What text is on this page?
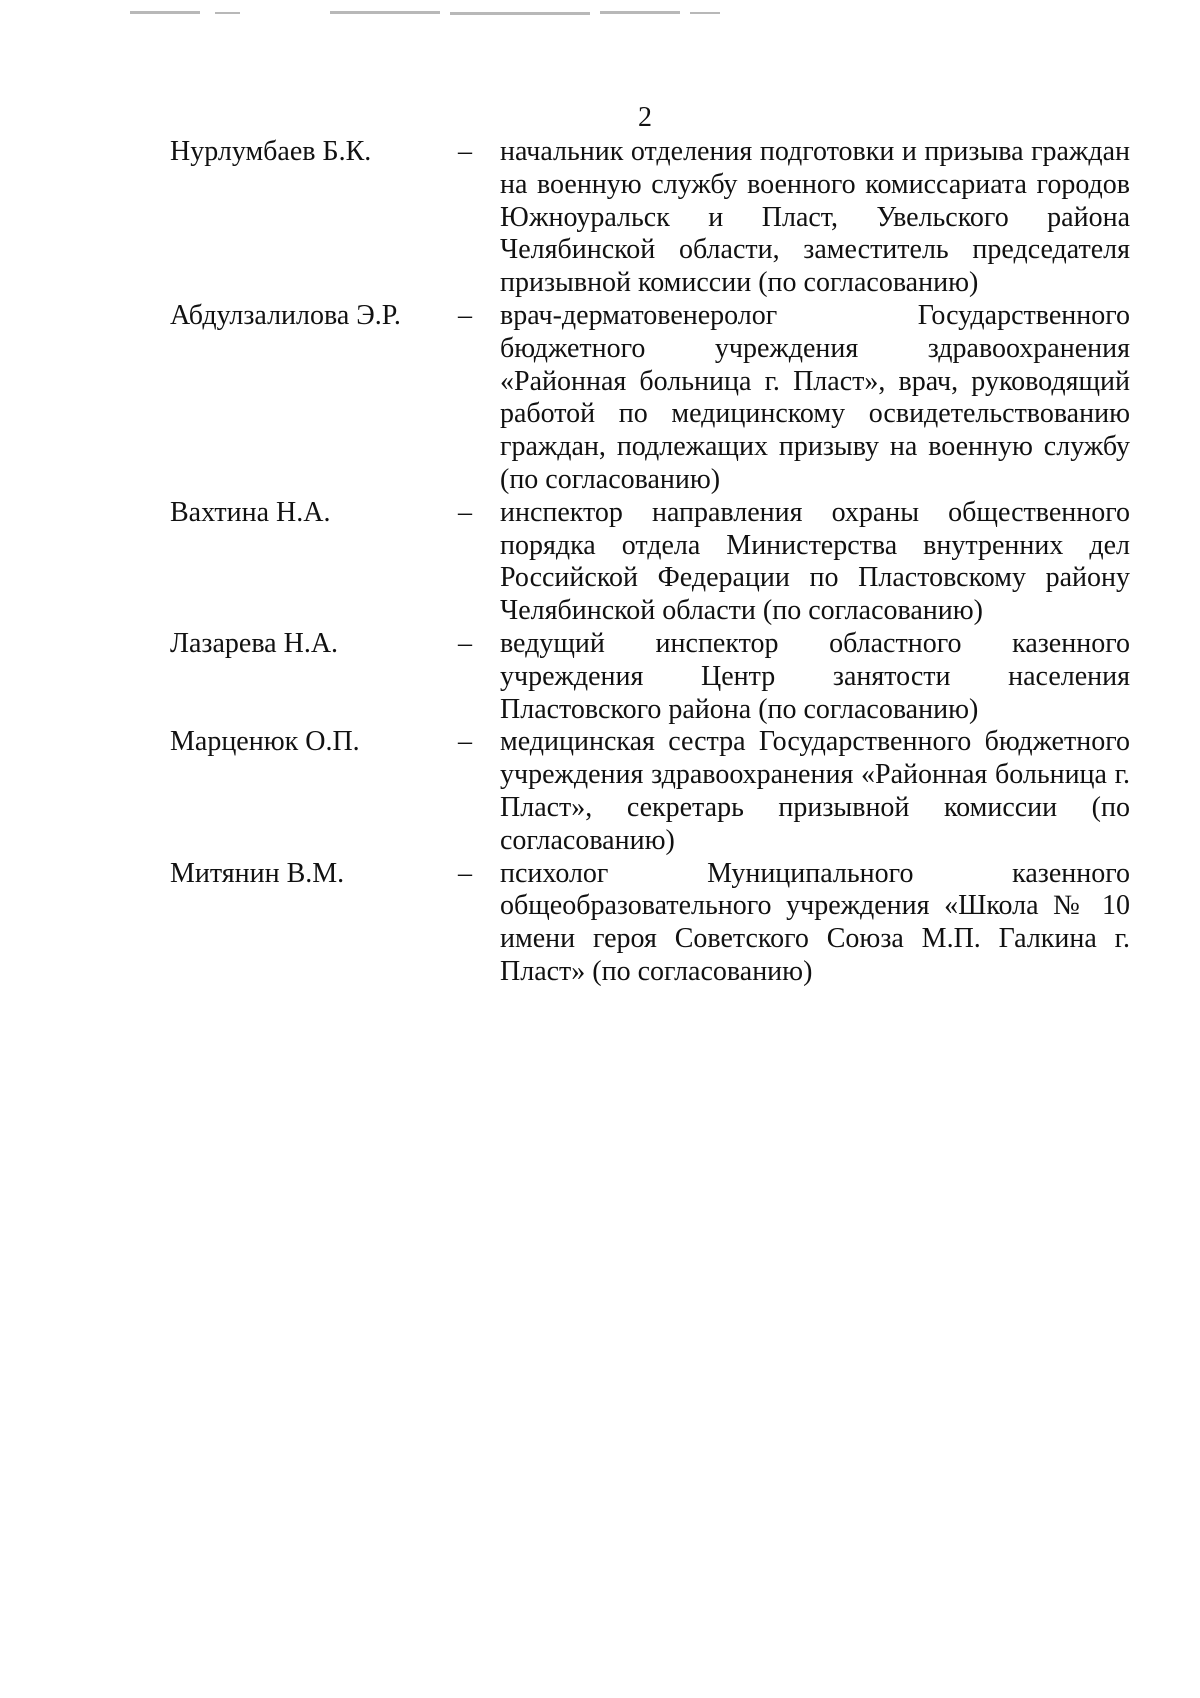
2
Нурлумбаев Б.К.	–	начальник отделения подготовки и призыва граждан на военную службу военного комиссариата городов Южноуральск и Пласт, Увельского района Челябинской области, заместитель председателя призывной комиссии (по согласованию)
Абдулзалилова Э.Р.	–	врач-дерматовенеролог Государственного бюджетного учреждения здравоохранения «Районная больница г. Пласт», врач, руководящий работой по медицинскому освидетельствованию граждан, подлежащих призыву на военную службу (по согласованию)
Вахтина Н.А.	–	инспектор направления охраны общественного порядка отдела Министерства внутренних дел Российской Федерации по Пластовскому району Челябинской области (по согласованию)
Лазарева Н.А.	–	ведущий инспектор областного казенного учреждения Центр занятости населения Пластовского района (по согласованию)
Марценюк О.П.	–	медицинская сестра Государственного бюджетного учреждения здравоохранения «Районная больница г. Пласт», секретарь призывной комиссии (по согласованию)
Митянин В.М.	–	психолог Муниципального казенного общеобразовательного учреждения «Школа № 10 имени героя Советского Союза М.П. Галкина г. Пласт» (по согласованию)
